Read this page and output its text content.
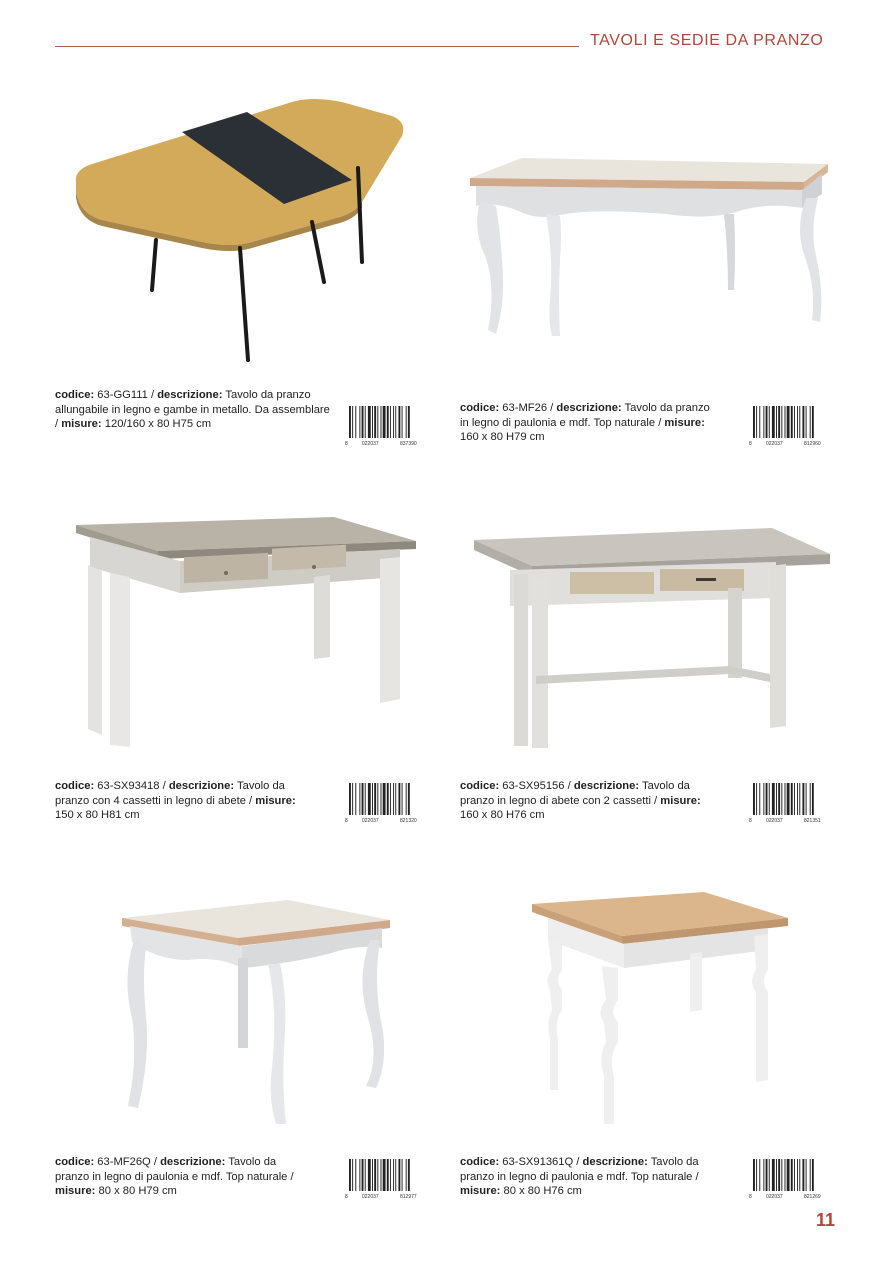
TAVOLI E SEDIE DA PRANZO
codice: 63-GG111 / descrizione: Tavolo da pranzo allungabile in legno e gambe in metallo. Da assemblare / misure: 120/160 x 80 H75 cm
codice: 63-MF26 / descrizione: Tavolo da pranzo in legno di paulonia e mdf. Top naturale / misure: 160 x 80 H79 cm
codice: 63-SX93418 / descrizione: Tavolo da pranzo con 4 cassetti in legno di abete / misure: 150 x 80 H81 cm
codice: 63-SX95156 / descrizione: Tavolo da pranzo in legno di abete con 2 cassetti / misure: 160 x 80 H76 cm
codice: 63-MF26Q / descrizione: Tavolo da pranzo in legno di paulonia e mdf. Top naturale / misure: 80 x 80 H79 cm
codice: 63-SX91361Q / descrizione: Tavolo da pranzo in legno di paulonia e mdf. Top naturale / misure: 80 x 80 H76 cm
8	022037	837390	8	022037	812960
8	022037	821320	8	022037	821351
8	022037	812977	8	022037	821269
11
